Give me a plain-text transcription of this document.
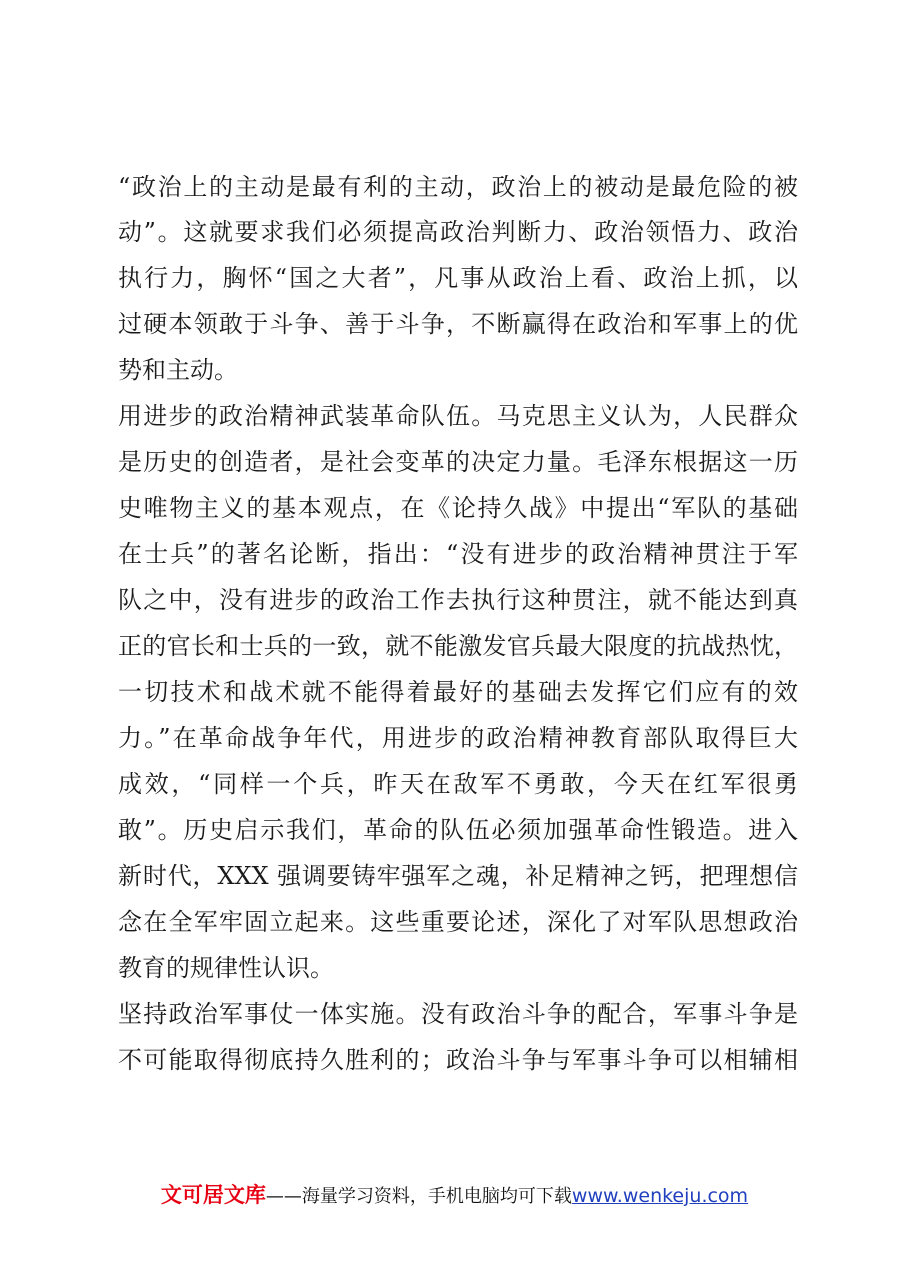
“政治上的主动是最有利的主动，政治上的被动是最危险的被
动”。这就要求我们必须提高政治判断力、政治领悟力、政治
执行力，胸怀“国之大者”，凡事从政治上看、政治上抓，以
过硬本领敢于斗争、善于斗争，不断赢得在政治和军事上的优
势和主动。
用进步的政治精神武装革命队伍。马克思主义认为，人民群众
是历史的创造者，是社会变革的决定力量。毛泽东根据这一历
史唯物主义的基本观点，在《论持久战》中提出“军队的基础
在士兵”的著名论断，指出：“没有进步的政治精神贯注于军
队之中，没有进步的政治工作去执行这种贯注，就不能达到真
正的官长和士兵的一致，就不能激发官兵最大限度的抗战热忱，
一切技术和战术就不能得着最好的基础去发挥它们应有的效
力。”在革命战争年代，用进步的政治精神教育部队取得巨大
成效，“同样一个兵，昨天在敌军不勇敢，今天在红军很勇
敢”。历史启示我们，革命的队伍必须加强革命性锻造。进入
新时代，XXX 强调要铸牢强军之魂，补足精神之钙，把理想信
念在全军牢固立起来。这些重要论述，深化了对军队思想政治
教育的规律性认识。
坚持政治军事仗一体实施。没有政治斗争的配合，军事斗争是
不可能取得彻底持久胜利的；政治斗争与军事斗争可以相辅相
文可居文库——海量学习资料，手机电脑均可下载www.wenkeju.com
